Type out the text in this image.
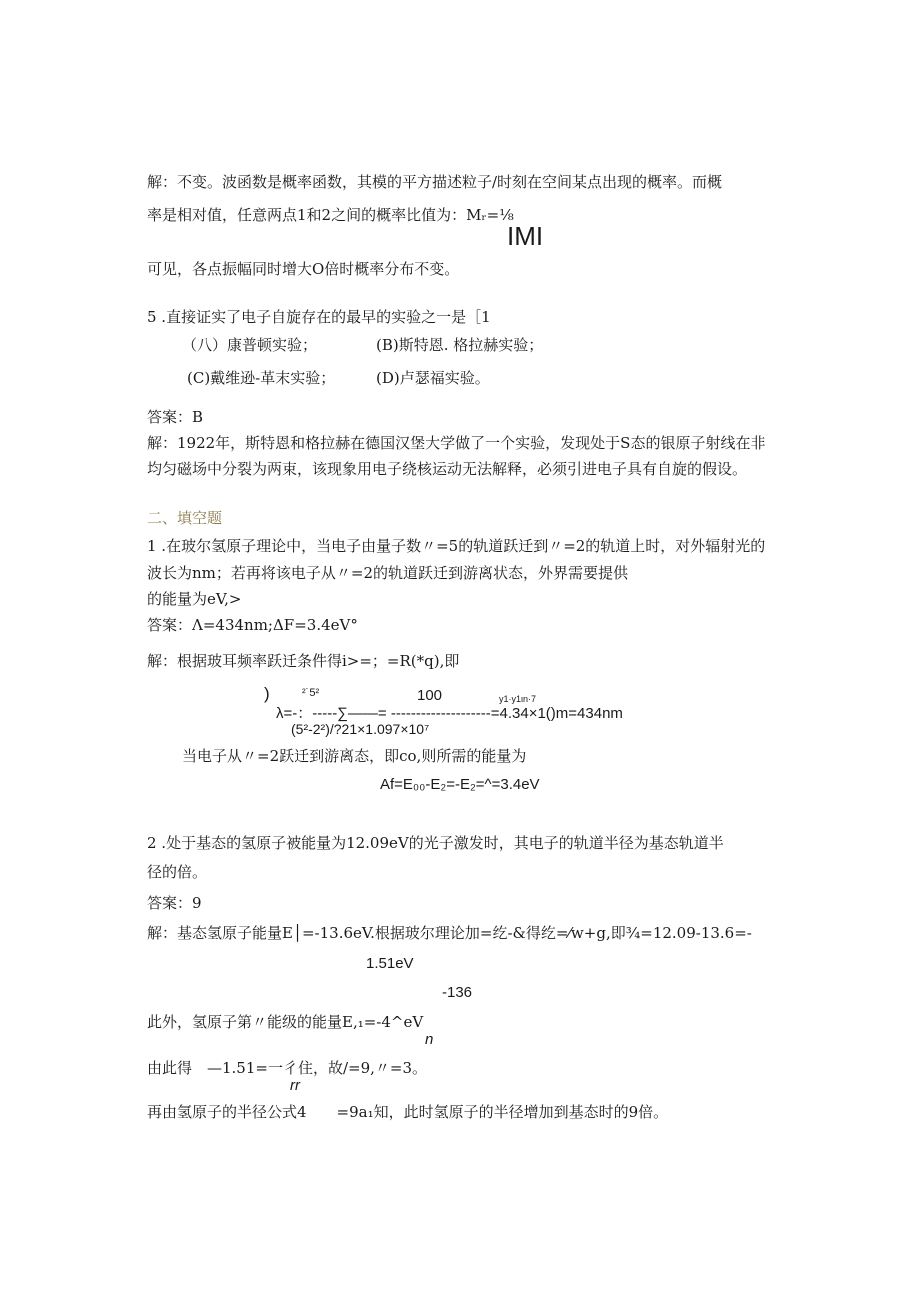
解：不变。波函数是概率函数，其模的平方描述粒子/时刻在空间某点出现的概率。而概
率是相对值，任意两点1和2之间的概率比值为：Mᵣ=⅛
IMI
可见，各点振幅同时增大O倍时概率分布不变。
5 .直接证实了电子自旋存在的最早的实验之一是［1
（八）康普顿实验；	(B)斯特恩. 格拉赫实验；
(C)戴维逊-革末实验；	(D)卢瑟福实验。
答案：B
解：1922年，斯特恩和格拉赫在德国汉堡大学做了一个实验，发现处于S态的银原子射线在非
均匀磁场中分裂为两束，该现象用电子绕核运动无法解释，必须引进电子具有自旋的假设。
二、填空题
1 .在玻尔氢原子理论中，当电子由量子数〃=5的轨道跃迁到〃=2的轨道上时，对外辐射光的
波长为nm；若再将该电子从〃=2的轨道跃迁到游离状态，外界需要提供
的能量为eV,>
答案：Λ=434nm;ΔF=3.4eV°
解：根据玻耳频率跃迁条件得i>=；=R(*q),即
)	²˙5²	100	y1·y1ιn·7
λ=-：-----∑——= --------------------=4.34×1()m=434nm
(5²-2²)/?21×1.097×10⁷
当电子从〃=2跃迁到游离态，即co,则所需的能量为
Af=E₀₀-E₂=-E₂=^=3.4eV
2 .处于基态的氢原子被能量为12.09eV的光子激发时，其电子的轨道半径为基态轨道半
径的倍。
答案：9
解：基态氢原子能量E│=-13.6eV.根据玻尔理论加=纥-&得纥=⁄w+g,即¾=12.09-13.6=-
1.51eV
-136
此外，氢原子第〃能级的能量E,₁=-4^eV
n
由此得　—1.51=一彳住，故/=9,〃=3。
rr
再由氢原子的半径公式4　　=9a₁知，此时氢原子的半径增加到基态时的9倍。
